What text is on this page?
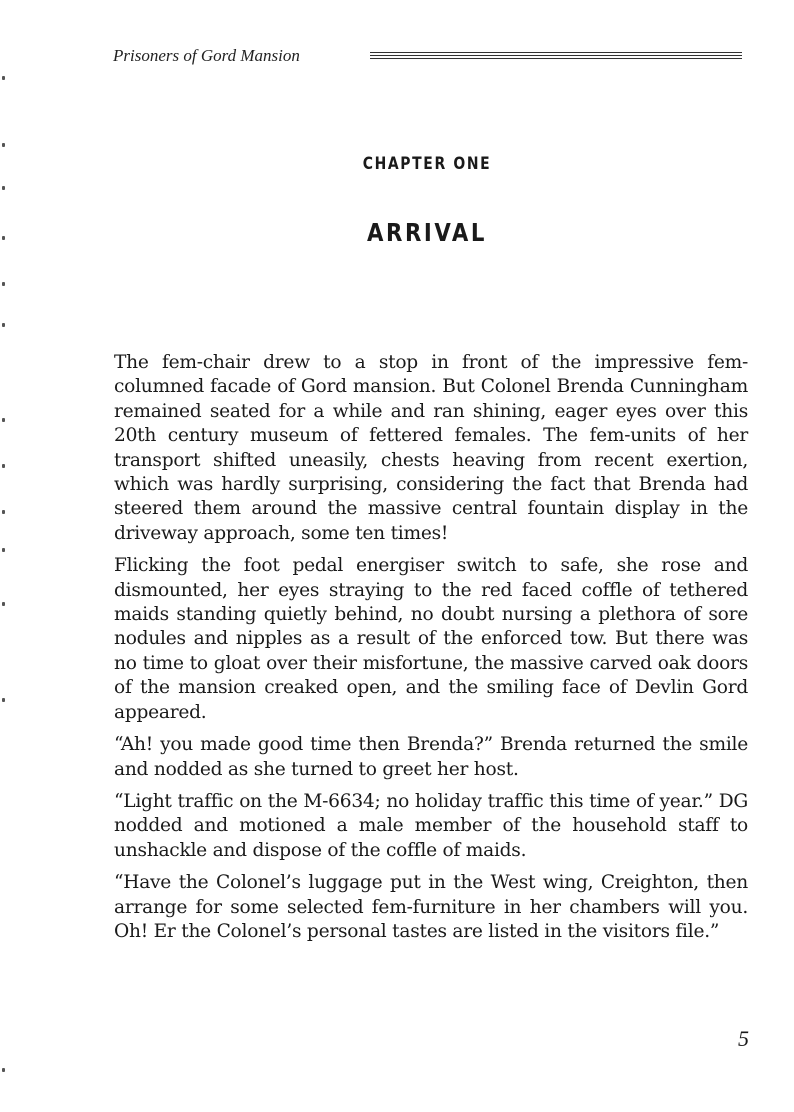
Prisoners of Gord Mansion
CHAPTER ONE
ARRIVAL

The fem-chair drew to a stop in front of the impressive fem-columned facade of Gord mansion. But Colonel Brenda Cunningham remained seated for a while and ran shining, eager eyes over this 20th century museum of fettered females. The fem-units of her transport shifted uneasily, chests heaving from recent exertion, which was hardly surprising, considering the fact that Brenda had steered them around the massive central fountain display in the driveway approach, some ten times!

Flicking the foot pedal energiser switch to safe, she rose and dismounted, her eyes straying to the red faced coffle of tethered maids standing quietly behind, no doubt nursing a plethora of sore nodules and nipples as a result of the enforced tow. But there was no time to gloat over their misfortune, the massive carved oak doors of the mansion creaked open, and the smiling face of Devlin Gord appeared.

“Ah! you made good time then Brenda?” Brenda returned the smile and nodded as she turned to greet her host.

“Light traffic on the M-6634; no holiday traffic this time of year.” DG nodded and motioned a male member of the household staff to unshackle and dispose of the coffle of maids.

“Have the Colonel’s luggage put in the West wing, Creighton, then arrange for some selected fem-furniture in her chambers will you. Oh! Er the Colonel’s personal tastes are listed in the visitors file.”

5
